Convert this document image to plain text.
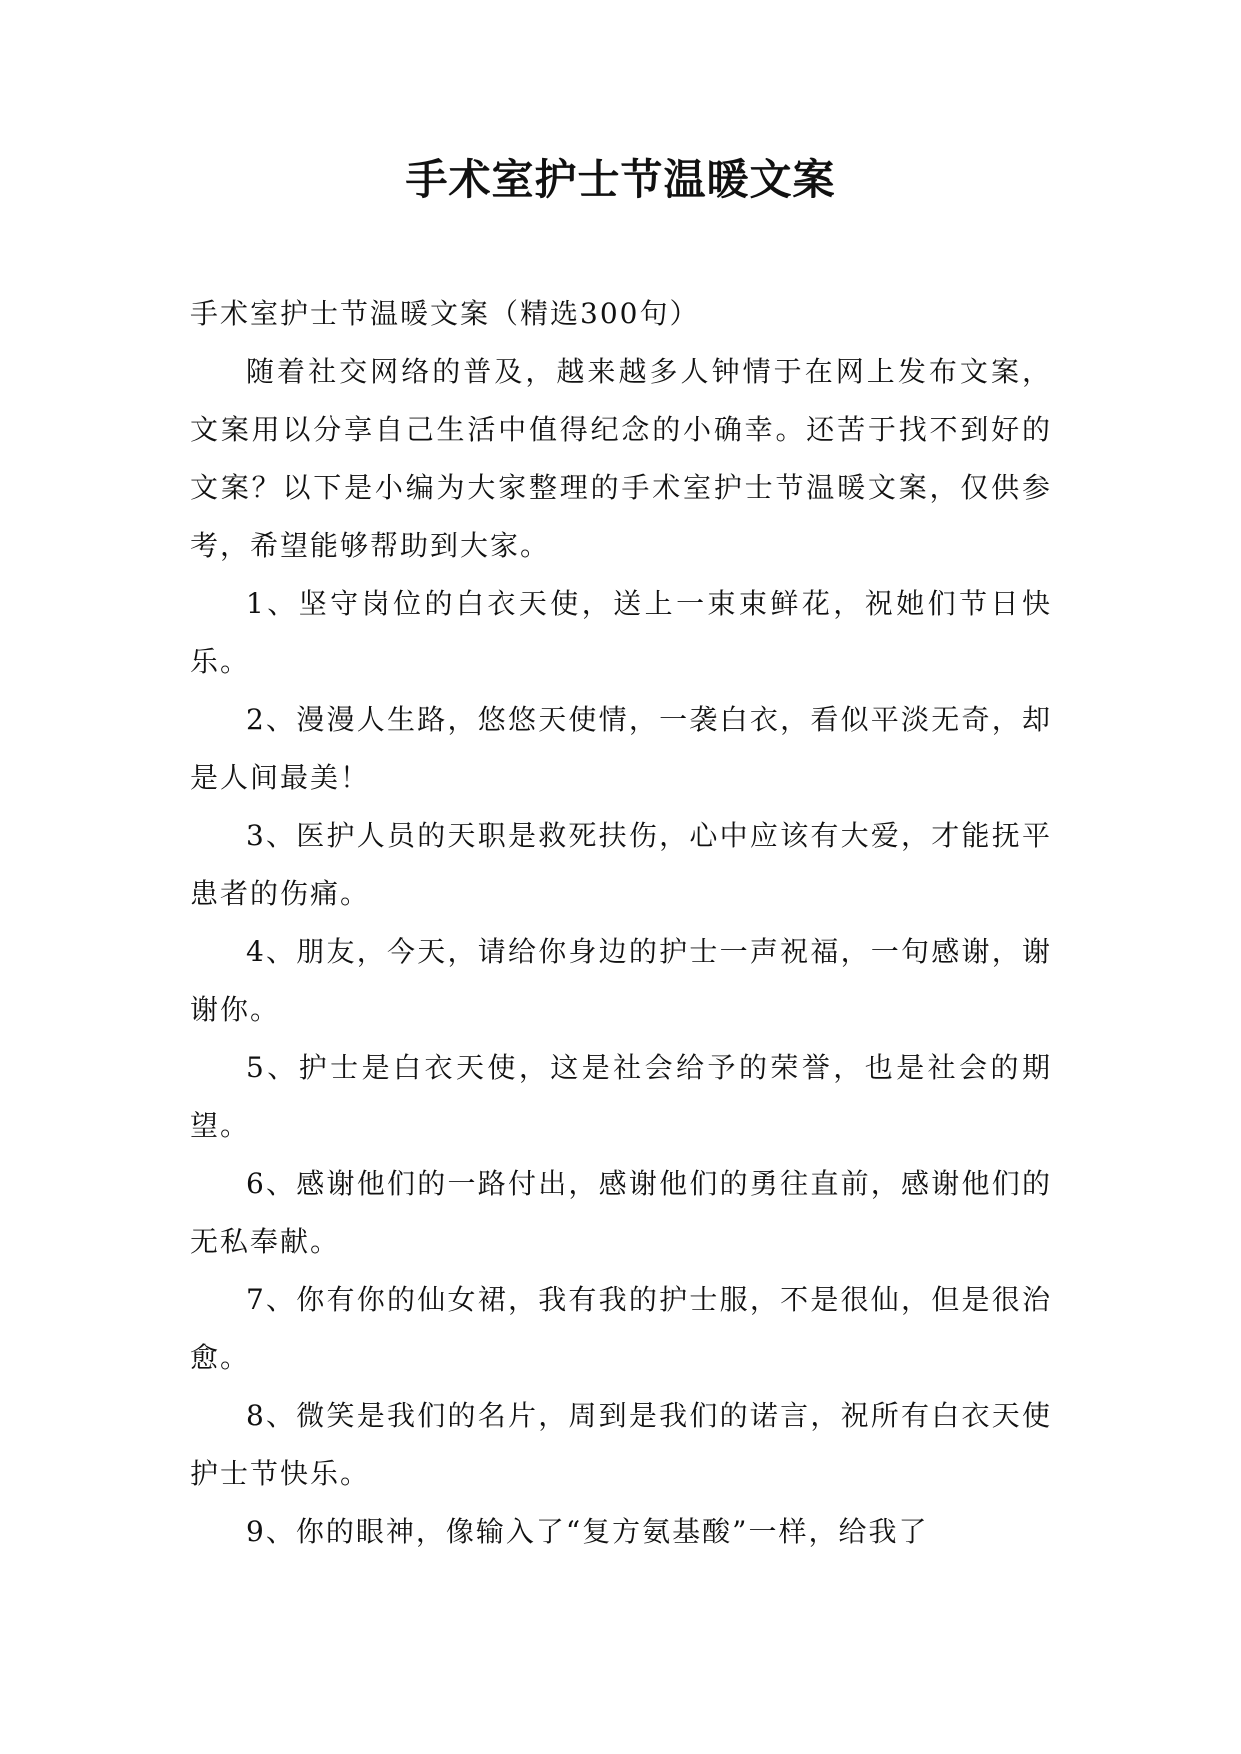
手术室护士节温暖文案

手术室护士节温暖文案（精选300句）

随着社交网络的普及，越来越多人钟情于在网上发布文案，文案用以分享自己生活中值得纪念的小确幸。还苦于找不到好的文案？以下是小编为大家整理的手术室护士节温暖文案，仅供参考，希望能够帮助到大家。

1、坚守岗位的白衣天使，送上一束束鲜花，祝她们节日快乐。

2、漫漫人生路，悠悠天使情，一袭白衣，看似平淡无奇，却是人间最美！

3、医护人员的天职是救死扶伤，心中应该有大爱，才能抚平患者的伤痛。

4、朋友，今天，请给你身边的护士一声祝福，一句感谢，谢谢你。

5、护士是白衣天使，这是社会给予的荣誉，也是社会的期望。

6、感谢他们的一路付出，感谢他们的勇往直前，感谢他们的无私奉献。

7、你有你的仙女裙，我有我的护士服，不是很仙，但是很治愈。

8、微笑是我们的名片，周到是我们的诺言，祝所有白衣天使护士节快乐。

9、你的眼神，像输入了“复方氨基酸”一样，给我了
